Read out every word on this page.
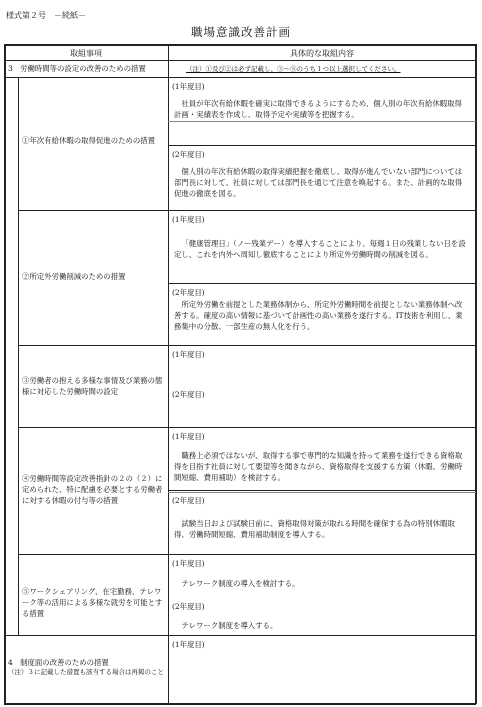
様式第２号　－続紙－
職場意識改善計画
取組事項	具体的な取組内容
3　労働時間等の設定の改善のための措置	（注）①及び②は必ず記載し、③～⑤のうち１つ以上選択してください。
①年次有給休暇の取得促進のための措置
(1年度目)
社員が年次有給休暇を確実に取得できるようにするため、個人別の年次有給休暇取得計画・実績表を作成し、取得予定や実績等を把握する。
(2年度目)
個人別の年次有給休暇の取得実績把握を徹底し、取得が進んでいない部門については部門長に対して、社員に対しては部門長を通じて注意を喚起する。また、計画的な取得促進の徹底を図る。
②所定外労働削減のための措置
(1年度目)
「健康管理日」（ノー残業デー）を導入することにより、毎週１日の残業しない日を設定し、これを内外へ周知し徹底することにより所定外労働時間の削減を図る。
(2年度目)
所定外労働を前提とした業務体制から、所定外労働時間を前提としない業務体制へ改善する。確度の高い情報に基づいて計画性の高い業務を遂行する。IT技術を利用し、業務集中の分散、一部生産の無人化を行う。
③労働者の抱える多様な事情及び業務の態様に対応した労働時間の設定
(1年度目)
(2年度目)
④労働時間等設定改善指針の２の（２）に定められた、特に配慮を必要とする労働者に対する休暇の付与等の措置
(1年度目)
職務上必須ではないが、取得する事で専門的な知識を持って業務を遂行できる資格取得を目指す社員に対して要望等を聞きながら、資格取得を支援する方策（休暇、労働時間短縮、費用補助）を検討する。
(2年度目)
試験当日および試験日前に、資格取得対策が取れる時間を確保する為の特別休暇取得、労働時間短縮、費用補助制度を導入する。
⑤ワークシェアリング、在宅勤務、テレワーク等の活用による多様な就労を可能とする措置
(1年度目)
テレワーク制度の導入を検討する。
(2年度目)
テレワーク制度を導入する。
4　制度面の改善のための措置
（注）３に記載した措置も該当する場合は再掲のこと
(1年度目)
